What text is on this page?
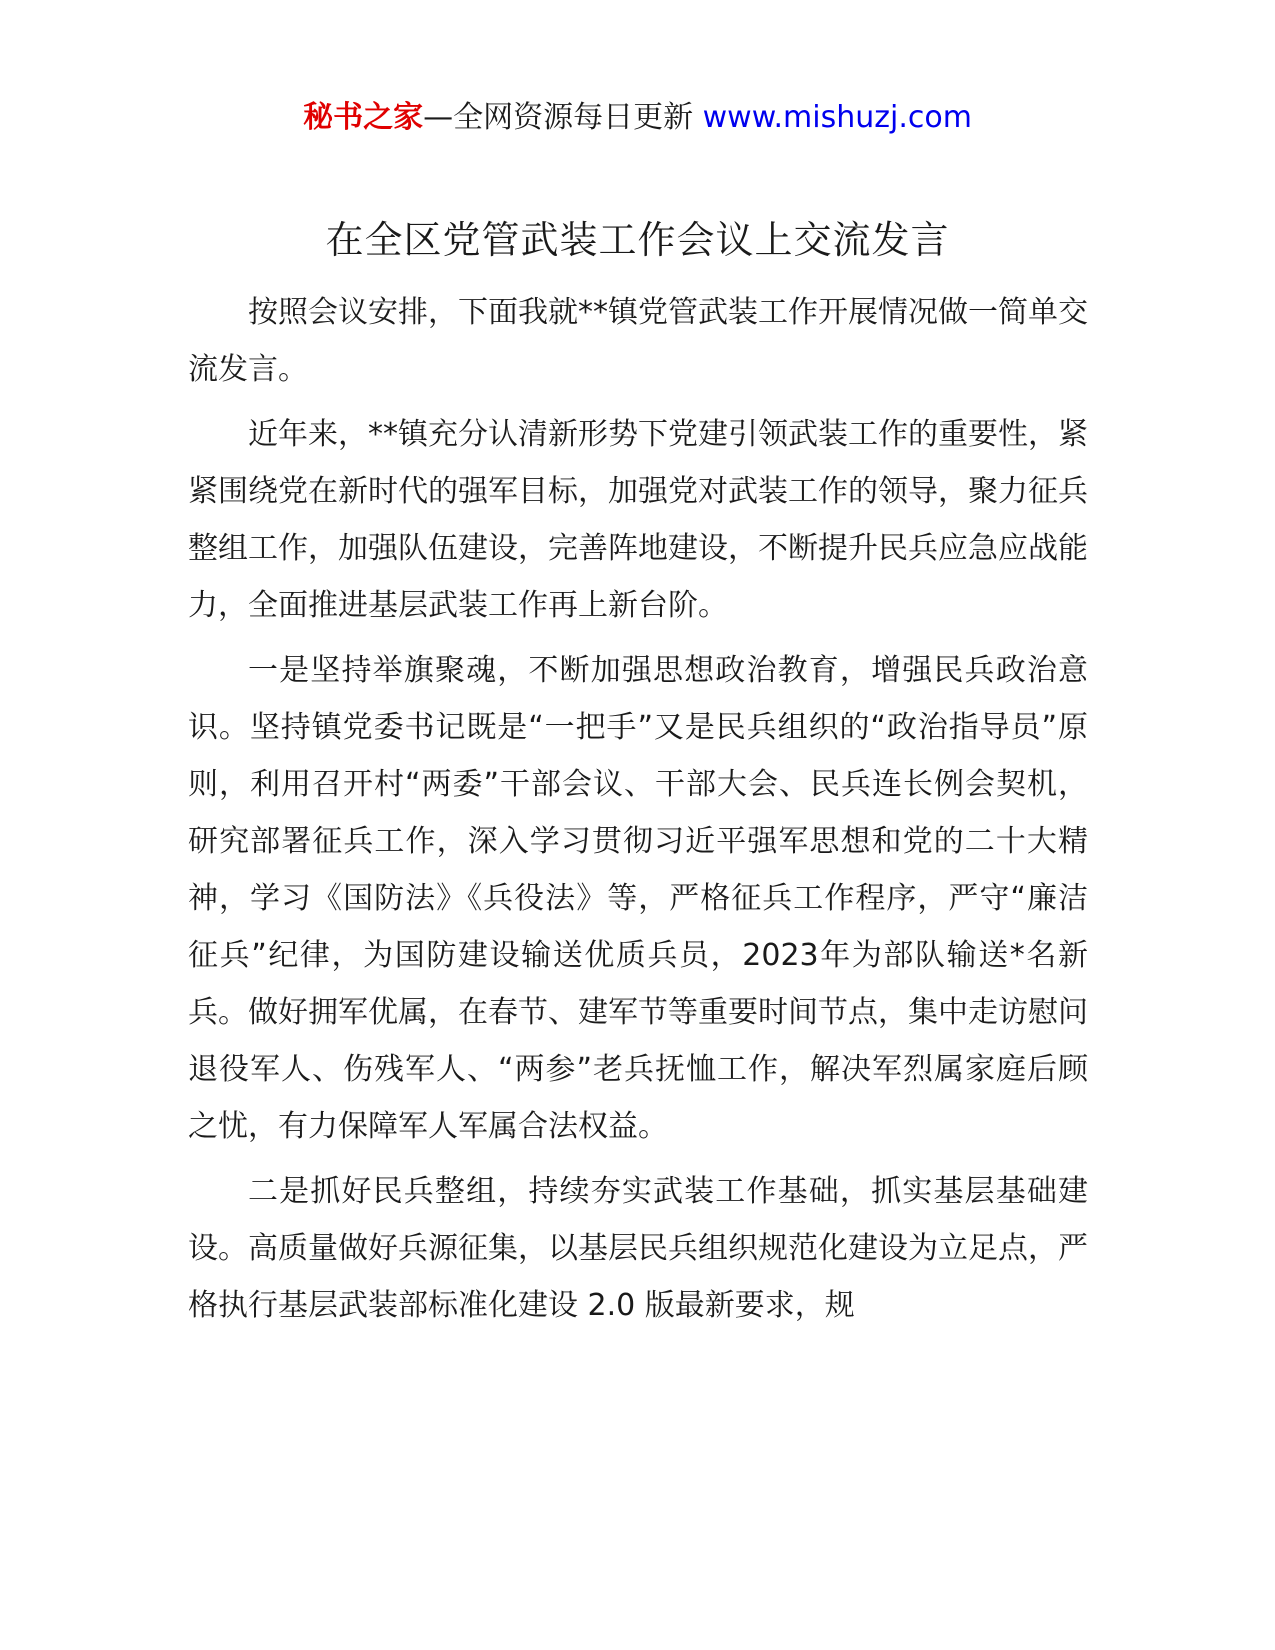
秘书之家—全网资源每日更新 www.mishuzj.com
在全区党管武装工作会议上交流发言

按照会议安排，下面我就**镇党管武装工作开展情况做一简单交流发言。

近年来，**镇充分认清新形势下党建引领武装工作的重要性，紧紧围绕党在新时代的强军目标，加强党对武装工作的领导，聚力征兵整组工作，加强队伍建设，完善阵地建设，不断提升民兵应急应战能力，全面推进基层武装工作再上新台阶。

一是坚持举旗聚魂，不断加强思想政治教育，增强民兵政治意识。坚持镇党委书记既是“一把手”又是民兵组织的“政治指导员”原则，利用召开村“两委”干部会议、干部大会、民兵连长例会契机，研究部署征兵工作，深入学习贯彻习近平强军思想和党的二十大精神，学习《国防法》《兵役法》等，严格征兵工作程序，严守“廉洁征兵”纪律，为国防建设输送优质兵员，2023年为部队输送*名新兵。做好拥军优属，在春节、建军节等重要时间节点，集中走访慰问退役军人、伤残军人、“两参”老兵抚恤工作，解决军烈属家庭后顾之忧，有力保障军人军属合法权益。

二是抓好民兵整组，持续夯实武装工作基础，抓实基层基础建设。高质量做好兵源征集，以基层民兵组织规范化建设为立足点，严格执行基层武装部标准化建设 2.0 版最新要求，规
